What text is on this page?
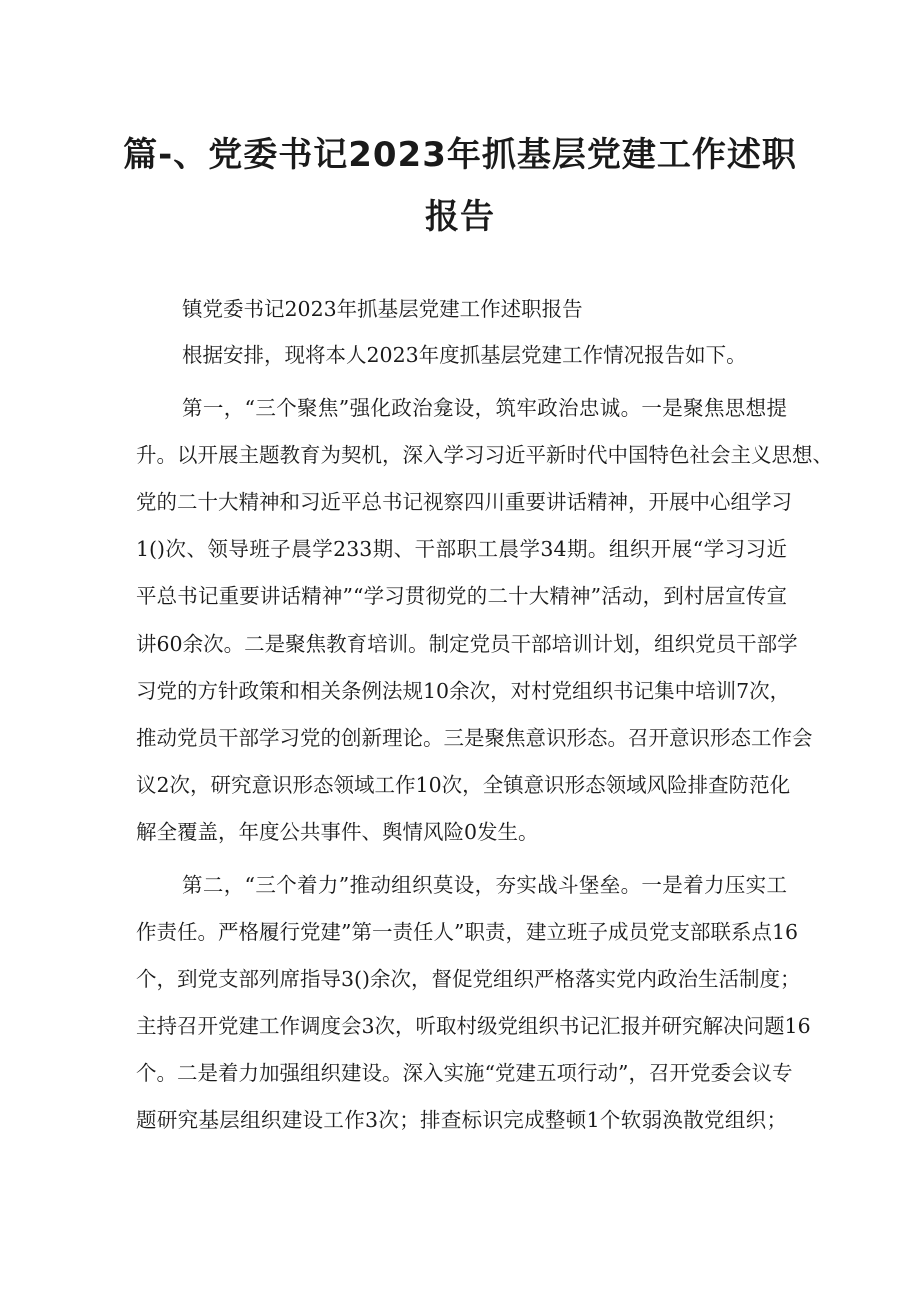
篇-、党委书记2023年抓基层党建工作述职
报告

镇党委书记2023年抓基层党建工作述职报告

根据安排，现将本人2023年度抓基层党建工作情况报告如下。

第一，“三个聚焦”强化政治龛设，筑牢政治忠诚。一是聚焦思想提

升。以开展主题教育为契机，深入学习习近平新时代中国特色社会主义思想、

党的二十大精神和习近平总书记视察四川重要讲话精神，开展中心组学习

1()次、领导班子晨学233期、干部职工晨学34期。组织开展“学习习近

平总书记重要讲话精神”“学习贯彻党的二十大精神”活动，到村居宣传宣

讲60余次。二是聚焦教育培训。制定党员干部培训计划，组织党员干部学

习党的方针政策和相关条例法规10余次，对村党组织书记集中培训7次，

推动党员干部学习党的创新理论。三是聚焦意识形态。召开意识形态工作会

议2次，研究意识形态领域工作10次，全镇意识形态领域风险排查防范化

解全覆盖，年度公共事件、舆情风险0发生。

第二，“三个着力”推动组织莫设，夯实战斗堡垒。一是着力压实工

作责任。严格履行党建”第一责任人”职责，建立班子成员党支部联系点16

个，到党支部列席指导3()余次，督促党组织严格落实党内政治生活制度；

主持召开党建工作调度会3次，听取村级党组织书记汇报并研究解决问题16

个。二是着力加强组织建设。深入实施“党建五项行动”，召开党委会议专

题研究基层组织建设工作3次；排查标识完成整顿1个软弱涣散党组织；
